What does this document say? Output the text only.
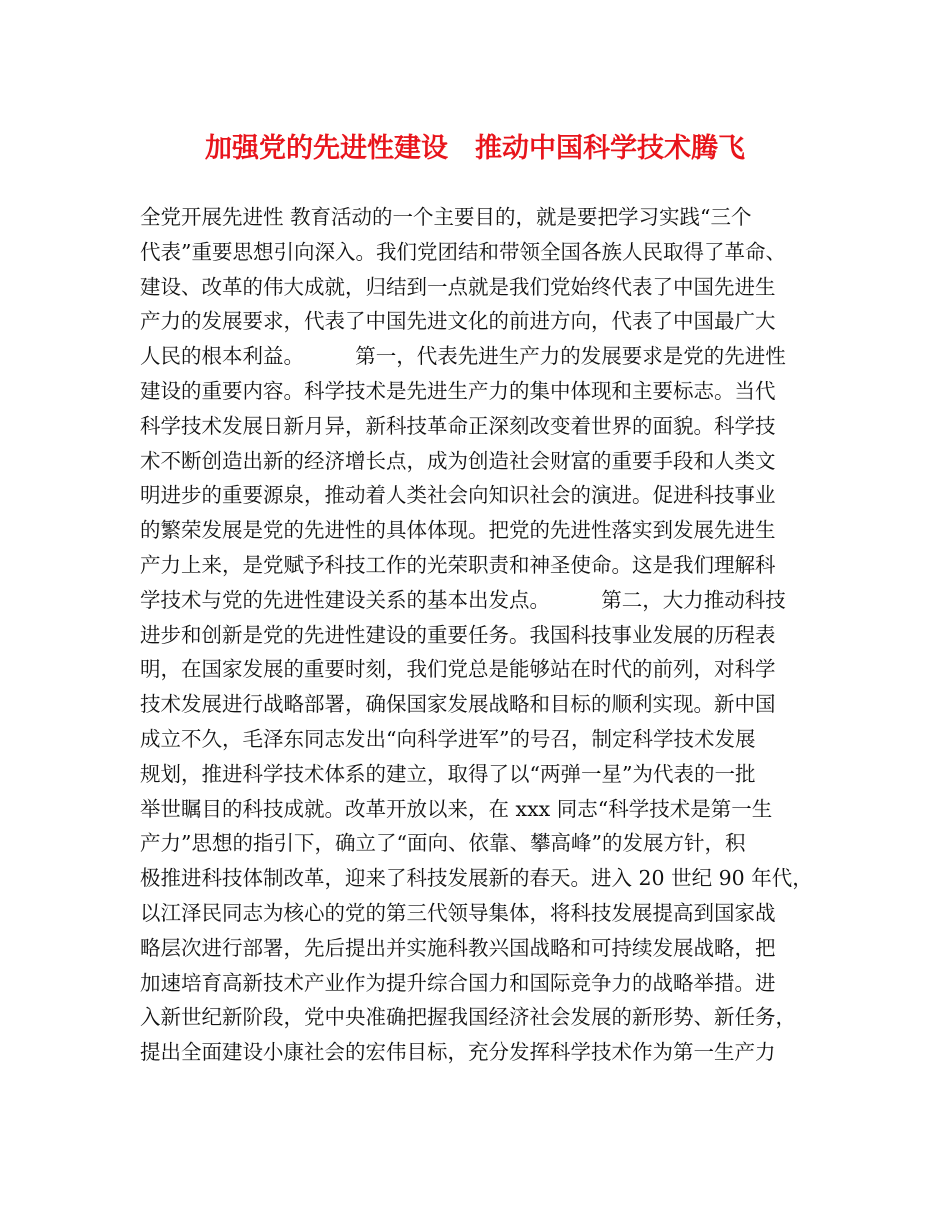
加强党的先进性建设　推动中国科学技术腾飞
全党开展先进性 教育活动的一个主要目的，就是要把学习实践“三个
代表”重要思想引向深入。我们党团结和带领全国各族人民取得了革命、
建设、改革的伟大成就，归结到一点就是我们党始终代表了中国先进生
产力的发展要求，代表了中国先进文化的前进方向，代表了中国最广大
人民的根本利益。　　　第一，代表先进生产力的发展要求是党的先进性
建设的重要内容。科学技术是先进生产力的集中体现和主要标志。当代
科学技术发展日新月异，新科技革命正深刻改变着世界的面貌。科学技
术不断创造出新的经济增长点，成为创造社会财富的重要手段和人类文
明进步的重要源泉，推动着人类社会向知识社会的演进。促进科技事业
的繁荣发展是党的先进性的具体体现。把党的先进性落实到发展先进生
产力上来，是党赋予科技工作的光荣职责和神圣使命。这是我们理解科
学技术与党的先进性建设关系的基本出发点。　　　第二，大力推动科技
进步和创新是党的先进性建设的重要任务。我国科技事业发展的历程表
明，在国家发展的重要时刻，我们党总是能够站在时代的前列，对科学
技术发展进行战略部署，确保国家发展战略和目标的顺利实现。新中国
成立不久，毛泽东同志发出“向科学进军”的号召，制定科学技术发展
规划，推进科学技术体系的建立，取得了以“两弹一星”为代表的一批
举世瞩目的科技成就。改革开放以来，在 xxx 同志“科学技术是第一生
产力”思想的指引下，确立了“面向、依靠、攀高峰”的发展方针，积
极推进科技体制改革，迎来了科技发展新的春天。进入 20 世纪 90 年代，
以江泽民同志为核心的党的第三代领导集体，将科技发展提高到国家战
略层次进行部署，先后提出并实施科教兴国战略和可持续发展战略，把
加速培育高新技术产业作为提升综合国力和国际竞争力的战略举措。进
入新世纪新阶段，党中央准确把握我国经济社会发展的新形势、新任务，
提出全面建设小康社会的宏伟目标，充分发挥科学技术作为第一生产力
